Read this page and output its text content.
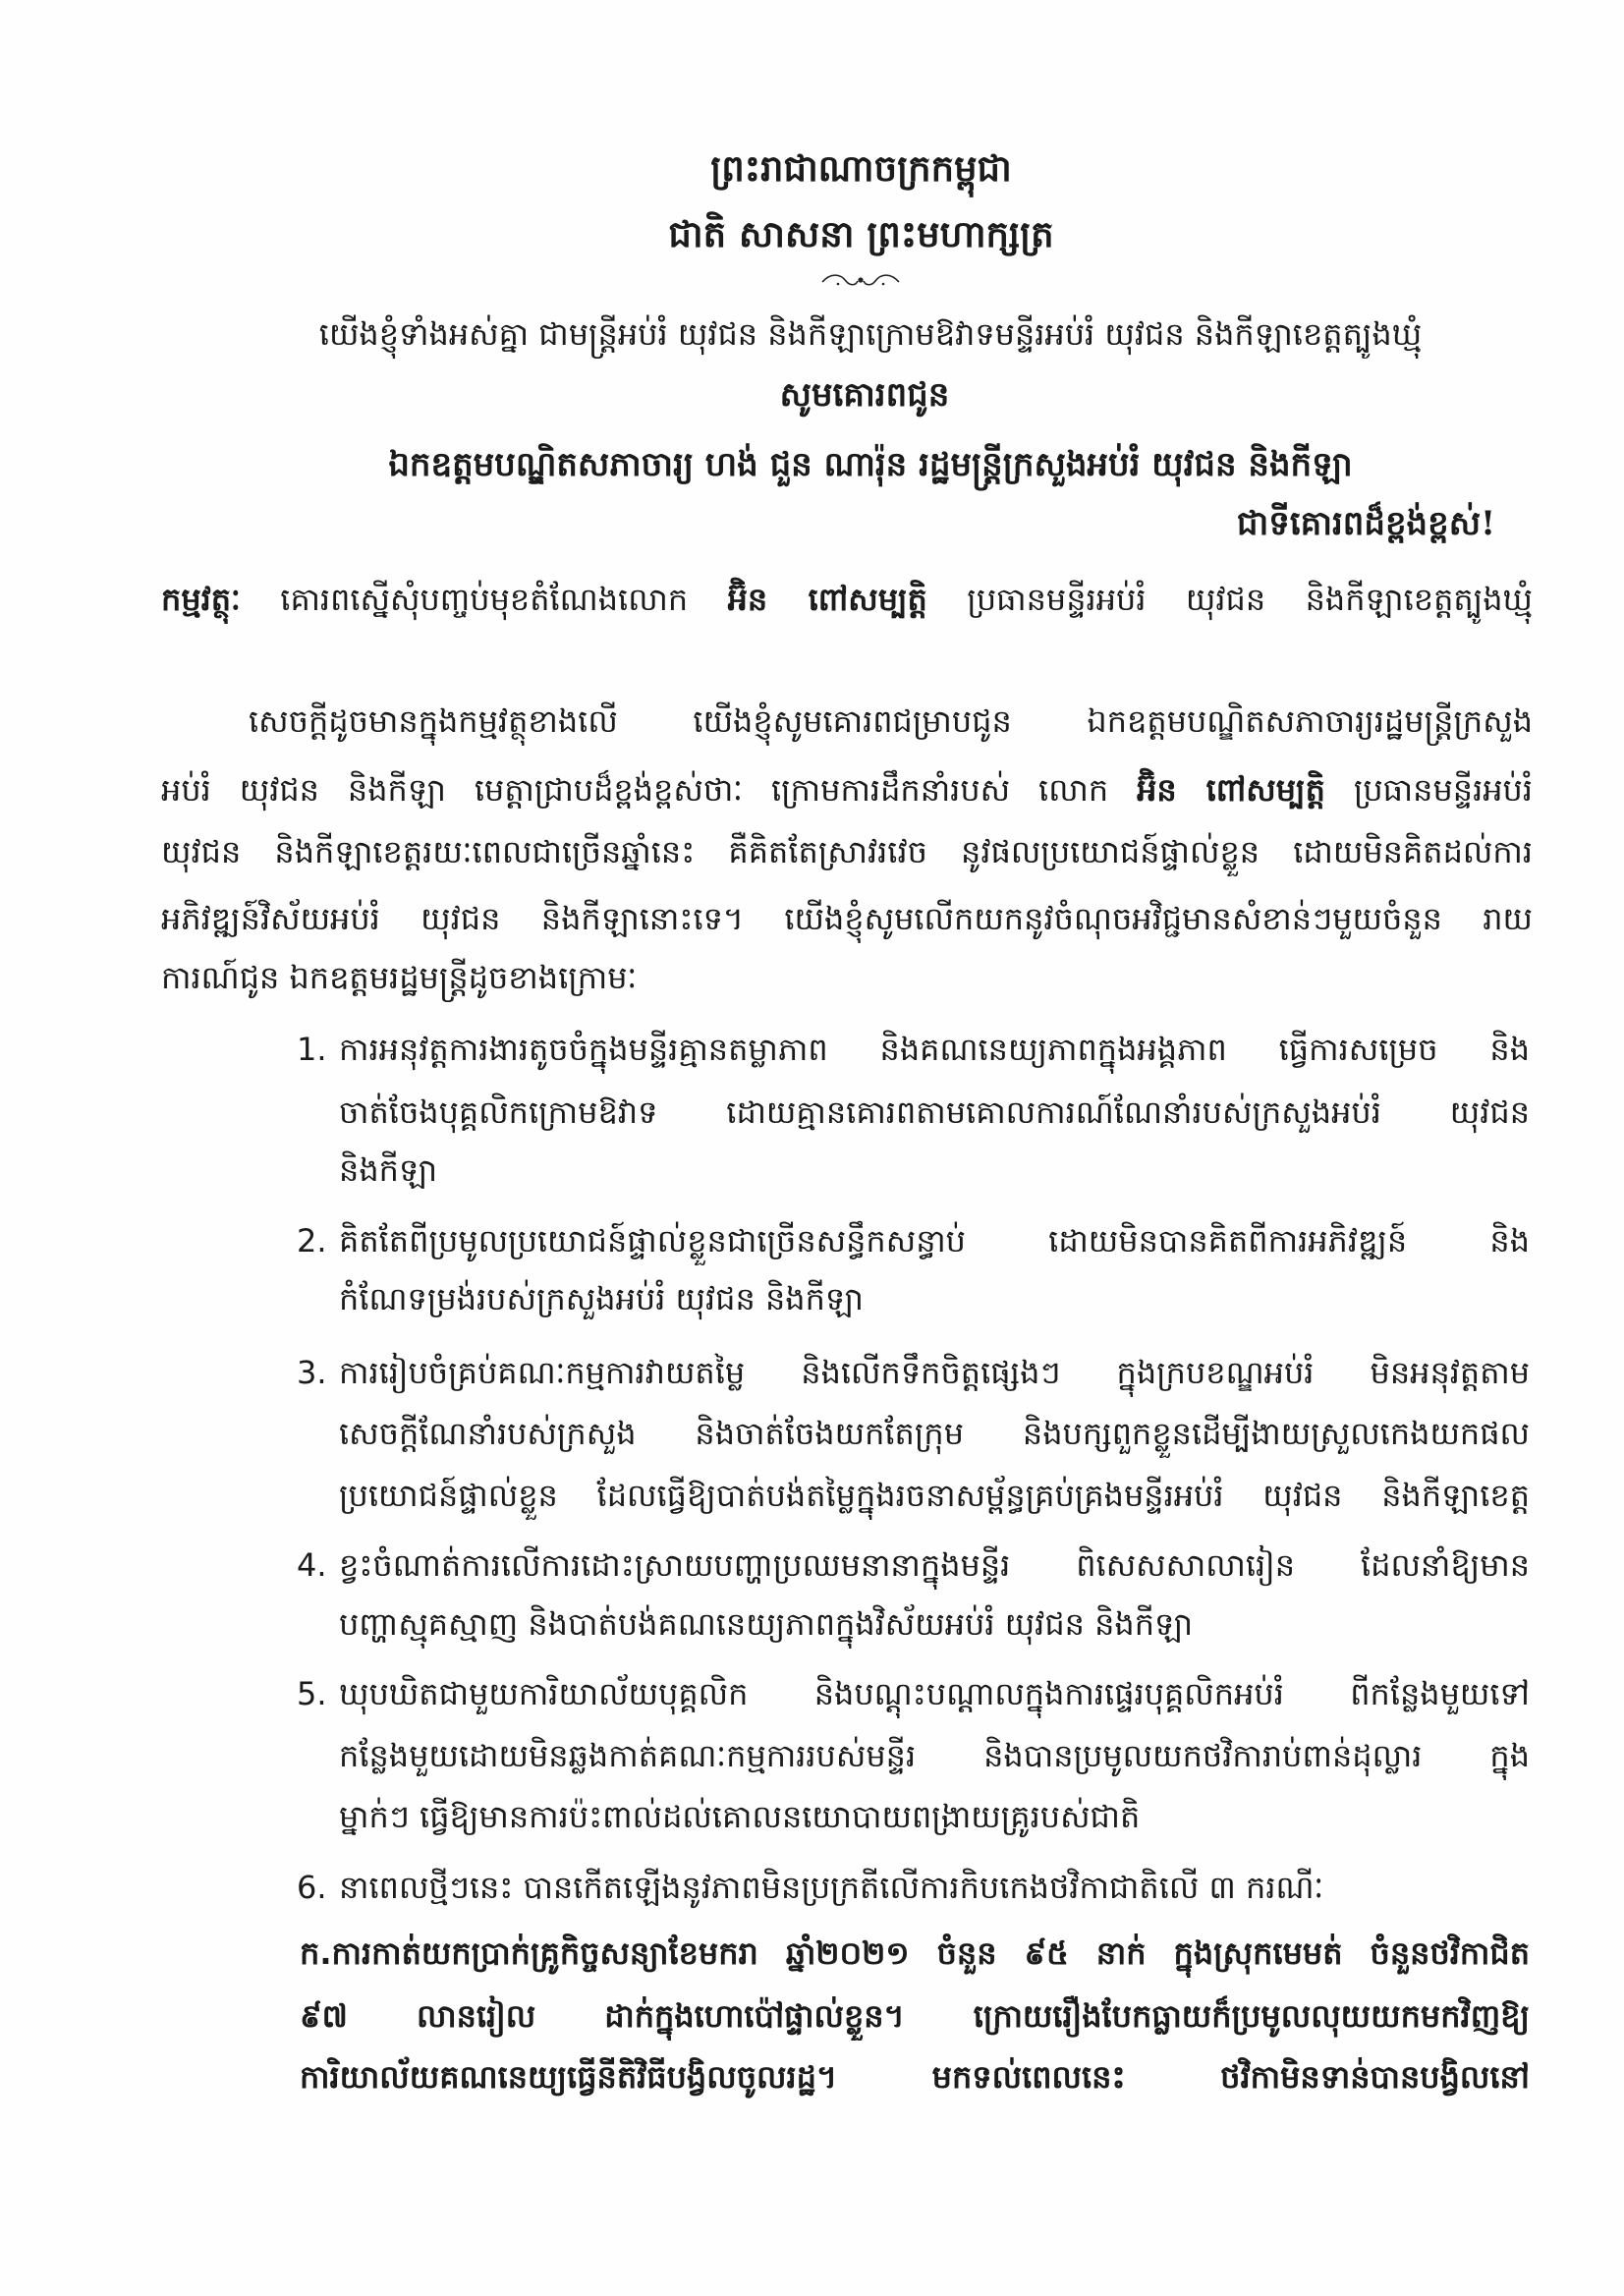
ព្រះរាជាណាចក្រកម្ពុជា
ជាតិ សាសនា ព្រះមហាក្សត្រ
យើងខ្ញុំទាំងអស់គ្នា ជាមន្ត្រីអប់រំ យុវជន និងកីឡាក្រោមឱវាទមន្ទីរអប់រំ យុវជន និងកីឡាខេត្តត្បូងឃ្មុំ
សូមគោរពជូន
ឯកឧត្តមបណ្ឌិតសភាចារ្យ ហង់ ជួន ណារ៉ុន រដ្ឋមន្ត្រីក្រសួងអប់រំ យុវជន និងកីឡា
ជាទីគោរពដ៏ខ្ពង់ខ្ពស់!
កម្មវត្ថុៈ គោរពស្នើសុំបញ្ចប់មុខតំណែងលោក អ៊ិន ពៅសម្បត្តិ ប្រធានមន្ទីរអប់រំ យុវជន និងកីឡាខេត្តត្បូងឃ្មុំ
សេចក្តីដូចមានក្នុងកម្មវត្ថុខាងលើ យើងខ្ញុំសូមគោរពជម្រាបជូន ឯកឧត្តមបណ្ឌិតសភាចារ្យរដ្ឋមន្ត្រីក្រសួង
អប់រំ យុវជន និងកីឡា មេត្តាជ្រាបដ៏ខ្ពង់ខ្ពស់ថាៈ ក្រោមការដឹកនាំរបស់ លោក អ៊ិន ពៅសម្បត្តិ ប្រធានមន្ទីរអប់រំ
យុវជន និងកីឡាខេត្តរយៈពេលជាច្រើនឆ្នាំនេះ គឺគិតតែស្រាវរវេច នូវផលប្រយោជន៍ផ្ទាល់ខ្លួន ដោយមិនគិតដល់ការ
អភិវឌ្ឍន៍វិស័យអប់រំ យុវជន និងកីឡានោះទេ។ យើងខ្ញុំសូមលើកយកនូវចំណុចអវិជ្ជមានសំខាន់ៗមួយចំនួន រាយ
ការណ៍ជូន ឯកឧត្តមរដ្ឋមន្ត្រីដូចខាងក្រោមៈ
1. ការអនុវត្តការងារតូចចំក្នុងមន្ទីរគ្មានតម្លាភាព និងគណនេយ្យភាពក្នុងអង្គភាព ធ្វើការសម្រេច និង
ចាត់ចែងបុគ្គលិកក្រោមឱវាទ ដោយគ្មានគោរពតាមគោលការណ៍ណែនាំរបស់ក្រសួងអប់រំ យុវជន
និងកីឡា
2. គិតតែពីប្រមូលប្រយោជន៍ផ្ទាល់ខ្លួនជាច្រើនសន្ធឹកសន្ធាប់ ដោយមិនបានគិតពីការអភិវឌ្ឍន៍ និង
កំណែទម្រង់របស់ក្រសួងអប់រំ យុវជន និងកីឡា
3. ការរៀបចំគ្រប់គណៈកម្មការវាយតម្លៃ និងលើកទឹកចិត្តផ្សេងៗ ក្នុងក្របខណ្ឌអប់រំ មិនអនុវត្តតាម
សេចក្តីណែនាំរបស់ក្រសួង និងចាត់ចែងយកតែក្រុម និងបក្សពួកខ្លួនដើម្បីងាយស្រួលកេងយកផល
ប្រយោជន៍ផ្ទាល់ខ្លួន ដែលធ្វើឱ្យបាត់បង់តម្លៃក្នុងរចនាសម្ព័ន្ធគ្រប់គ្រងមន្ទីរអប់រំ យុវជន និងកីឡាខេត្ត
4. ខ្វះចំណាត់ការលើការដោះស្រាយបញ្ហាប្រឈមនានាក្នុងមន្ទីរ ពិសេសសាលារៀន ដែលនាំឱ្យមាន
បញ្ហាស្មុគស្មាញ និងបាត់បង់គណនេយ្យភាពក្នុងវិស័យអប់រំ យុវជន និងកីឡា
5. ឃុបឃិតជាមួយការិយាល័យបុគ្គលិក និងបណ្តុះបណ្តាលក្នុងការផ្ទេរបុគ្គលិកអប់រំ ពីកន្លែងមួយទៅ
កន្លែងមួយដោយមិនឆ្លងកាត់គណៈកម្មការរបស់មន្ទីរ និងបានប្រមូលយកថវិការាប់ពាន់ដុល្លារ ក្នុង
ម្នាក់ៗ ធ្វើឱ្យមានការប៉ះពាល់ដល់គោលនយោបាយពង្រាយគ្រូរបស់ជាតិ
6. នាពេលថ្មីៗនេះ បានកើតឡើងនូវភាពមិនប្រក្រតីលើការកិបកេងថវិកាជាតិលើ ៣ ករណីៈ
ក.ការកាត់យកប្រាក់គ្រូកិច្ចសន្យាខែមករា ឆ្នាំ២០២១ ចំនួន ៩៥ នាក់ ក្នុងស្រុកមេមត់ ចំនួនថវិកាជិត
៩៧ លានរៀល ដាក់ក្នុងហោប៉ៅផ្ទាល់ខ្លួន។ ក្រោយរឿងបែកធ្លាយក៏ប្រមូលលុយយកមកវិញឱ្យ
ការិយាល័យគណនេយ្យធ្វើនីតិវិធីបង្វិលចូលរដ្ឋ។ មកទល់ពេលនេះ ថវិកាមិនទាន់បានបង្វិលនៅ
